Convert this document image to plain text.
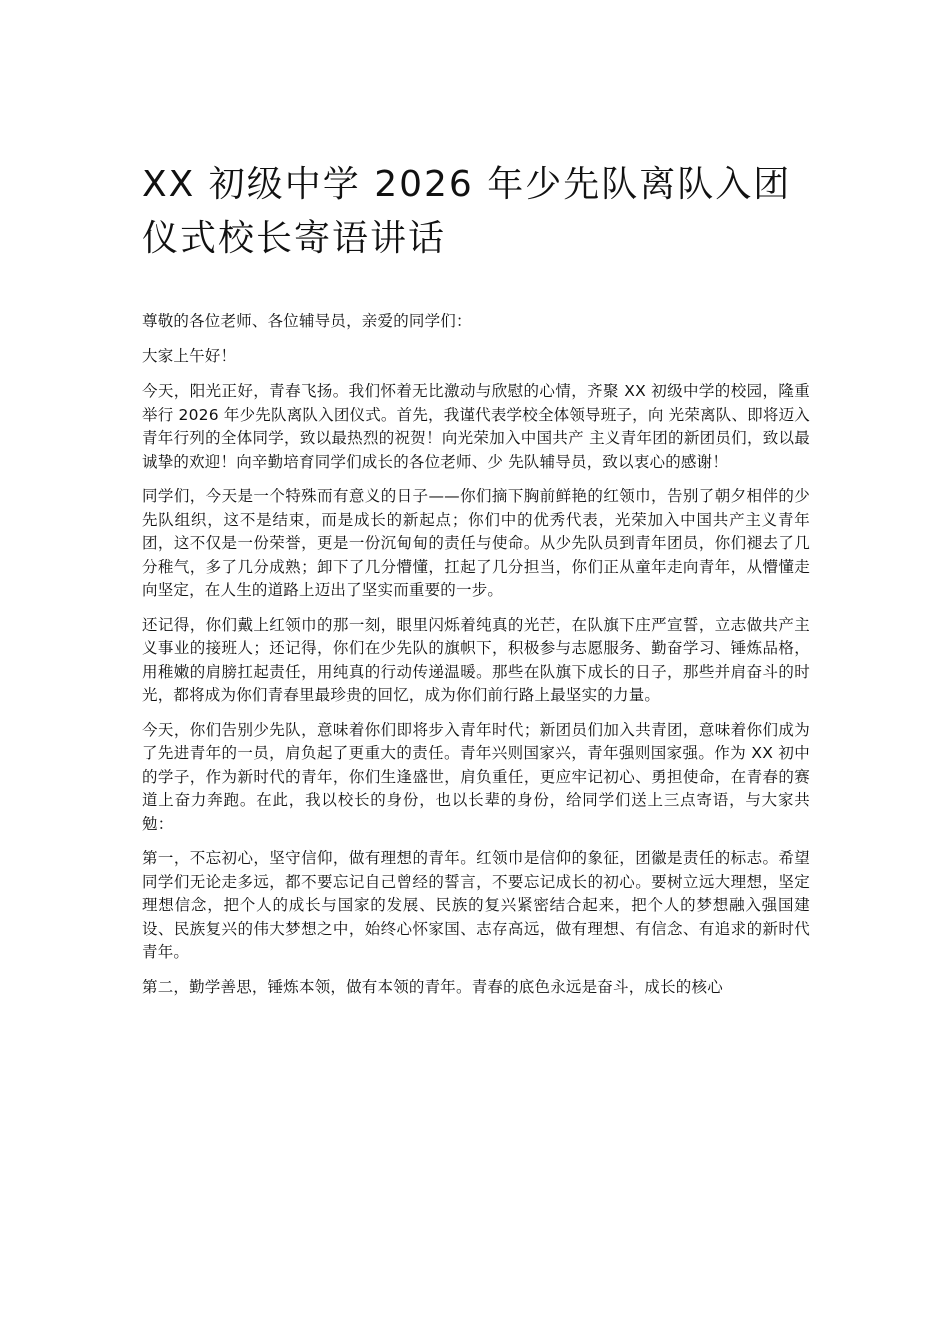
XX 初级中学 2026 年少先队离队入团仪式校长寄语讲话

尊敬的各位老师、各位辅导员，亲爱的同学们：

大家上午好！

今天，阳光正好，青春飞扬。我们怀着无比激动与欣慰的心情，齐聚 XX 初级中学的校园，隆重举行 2026 年少先队离队入团仪式。首先，我谨代表学校全体领导班子，向 光荣离队、即将迈入青年行列的全体同学，致以最热烈的祝贺！向光荣加入中国共产 主义青年团的新团员们，致以最诚挚的欢迎！向辛勤培育同学们成长的各位老师、少 先队辅导员，致以衷心的感谢！

同学们，今天是一个特殊而有意义的日子——你们摘下胸前鲜艳的红领巾，告别了朝夕相伴的少先队组织，这不是结束，而是成长的新起点；你们中的优秀代表，光荣加入中国共产主义青年团，这不仅是一份荣誉，更是一份沉甸甸的责任与使命。从少先队员到青年团员，你们褪去了几分稚气，多了几分成熟；卸下了几分懵懂，扛起了几分担当，你们正从童年走向青年，从懵懂走向坚定，在人生的道路上迈出了坚实而重要的一步。

还记得，你们戴上红领巾的那一刻，眼里闪烁着纯真的光芒，在队旗下庄严宣誓，立志做共产主义事业的接班人；还记得，你们在少先队的旗帜下，积极参与志愿服务、勤奋学习、锤炼品格，用稚嫩的肩膀扛起责任，用纯真的行动传递温暖。那些在队旗下成长的日子，那些并肩奋斗的时光，都将成为你们青春里最珍贵的回忆，成为你们前行路上最坚实的力量。

今天，你们告别少先队，意味着你们即将步入青年时代；新团员们加入共青团，意味着你们成为了先进青年的一员，肩负起了更重大的责任。青年兴则国家兴，青年强则国家强。作为 XX 初中的学子，作为新时代的青年，你们生逢盛世，肩负重任，更应牢记初心、勇担使命，在青春的赛道上奋力奔跑。在此，我以校长的身份，也以长辈的身份，给同学们送上三点寄语，与大家共勉：

第一，不忘初心，坚守信仰，做有理想的青年。红领巾是信仰的象征，团徽是责任的标志。希望同学们无论走多远，都不要忘记自己曾经的誓言，不要忘记成长的初心。要树立远大理想，坚定理想信念，把个人的成长与国家的发展、民族的复兴紧密结合起来，把个人的梦想融入强国建设、民族复兴的伟大梦想之中，始终心怀家国、志存高远，做有理想、有信念、有追求的新时代青年。

第二，勤学善思，锤炼本领，做有本领的青年。青春的底色永远是奋斗，成长的核心
